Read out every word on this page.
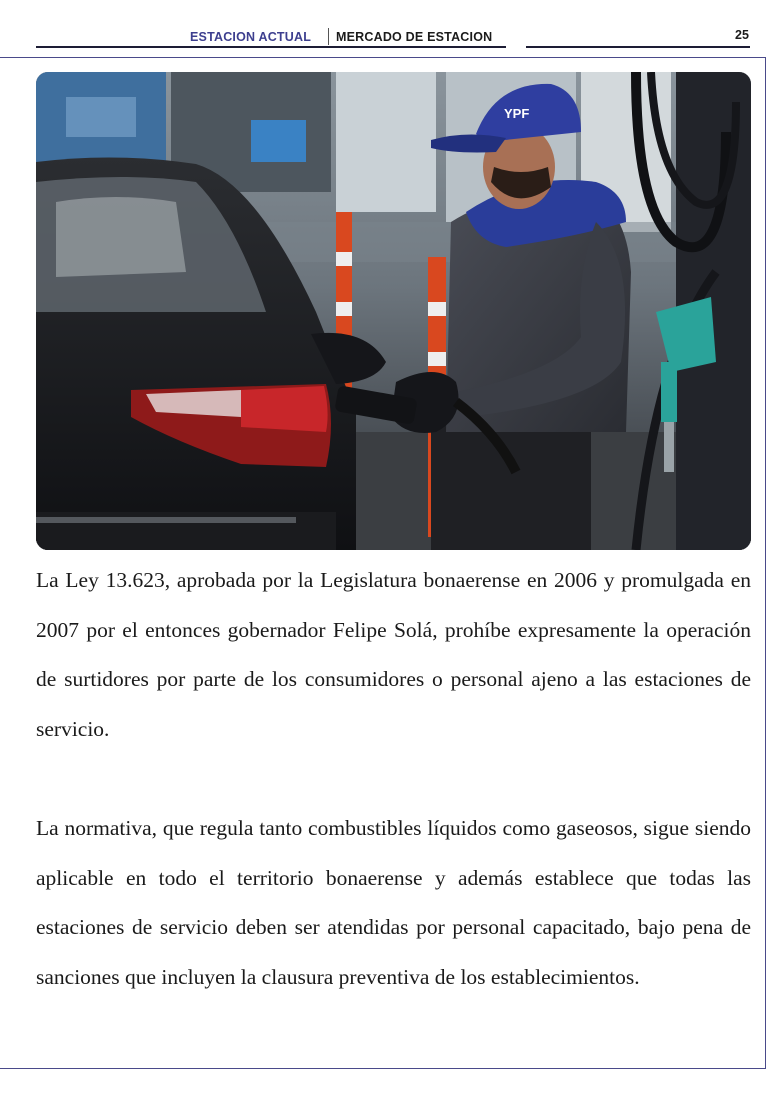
ESTACION ACTUAL MERCADO DE ESTACION	25
YPF

La Ley 13.623, aprobada por la Legislatura bonaerense en 2006 y promulgada en 2007 por el entonces gobernador Felipe Solá, prohíbe expresamente la operación de surtidores por parte de los consumidores o personal ajeno a las estaciones de servicio.

La normativa, que regula tanto combustibles líquidos como gaseosos, sigue siendo aplicable en todo el territorio bonaerense y además establece que todas las estaciones de servicio deben ser atendidas por personal capacitado, bajo pena de sanciones que incluyen la clausura preventiva de los establecimientos.
